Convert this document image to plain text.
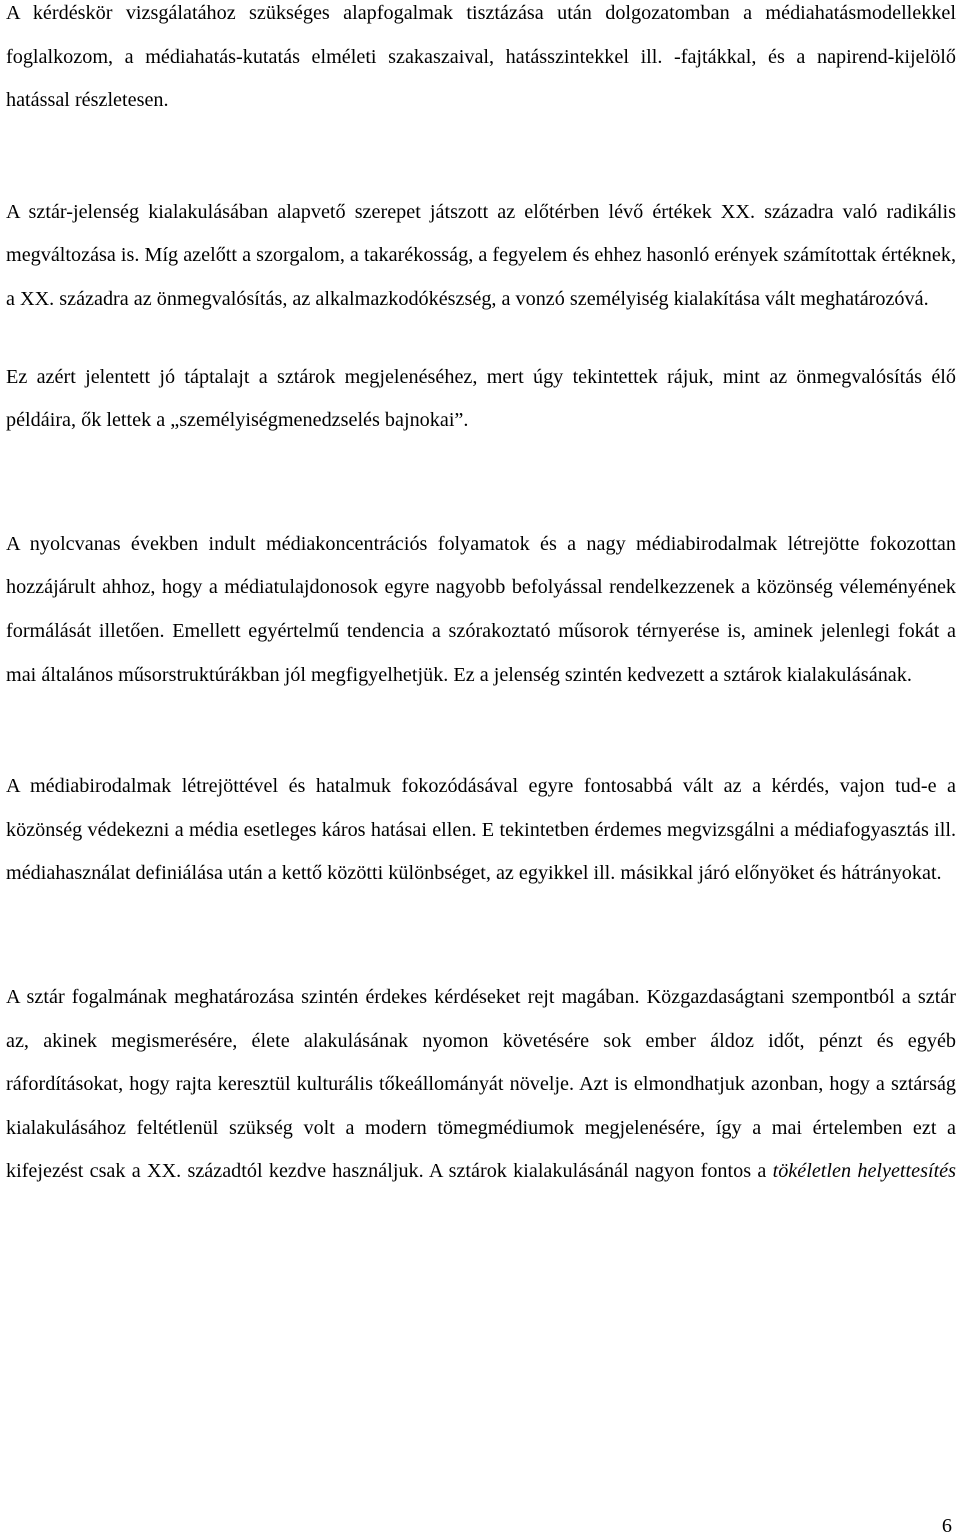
A kérdéskör vizsgálatához szükséges alapfogalmak tisztázása után dolgozatomban a médiahatásmodellekkel foglalkozom, a médiahatás-kutatás elméleti szakaszaival, hatásszintekkel ill. -fajtákkal, és a napirend-kijelölő hatással részletesen.

A sztár-jelenség kialakulásában alapvető szerepet játszott az előtérben lévő értékek XX. századra való radikális megváltozása is. Míg azelőtt a szorgalom, a takarékosság, a fegyelem és ehhez hasonló erények számítottak értéknek, a XX. századra az önmegvalósítás, az alkalmazkodókészség, a vonzó személyiség kialakítása vált meghatározóvá.

Ez azért jelentett jó táptalajt a sztárok megjelenéséhez, mert úgy tekintettek rájuk, mint az önmegvalósítás élő példáira, ők lettek a „személyiségmenedzselés bajnokai”.

A nyolcvanas években indult médiakoncentrációs folyamatok és a nagy médiabirodalmak létrejötte fokozottan hozzájárult ahhoz, hogy a médiatulajdonosok egyre nagyobb befolyással rendelkezzenek a közönség véleményének formálását illetően. Emellett egyértelmű tendencia a szórakoztató műsorok térnyerése is, aminek jelenlegi fokát a mai általános műsorstruktúrákban jól megfigyelhetjük. Ez a jelenség szintén kedvezett a sztárok kialakulásának.

A médiabirodalmak létrejöttével és hatalmuk fokozódásával egyre fontosabbá vált az a kérdés, vajon tud-e a közönség védekezni a média esetleges káros hatásai ellen. E tekintetben érdemes megvizsgálni a médiafogyasztás ill. médiahasználat definiálása után a kettő közötti különbséget, az egyikkel ill. másikkal járó előnyöket és hátrányokat.

A sztár fogalmának meghatározása szintén érdekes kérdéseket rejt magában. Közgazdaságtani szempontból a sztár az, akinek megismerésére, élete alakulásának nyomon követésére sok ember áldoz időt, pénzt és egyéb ráfordításokat, hogy rajta keresztül kulturális tőkeállományát növelje. Azt is elmondhatjuk azonban, hogy a sztárság kialakulásához feltétlenül szükség volt a modern tömegmédiumok megjelenésére, így a mai értelemben ezt a kifejezést csak a XX. századtól kezdve használjuk. A sztárok kialakulásánál nagyon fontos a tökéletlen helyettesítés

6
